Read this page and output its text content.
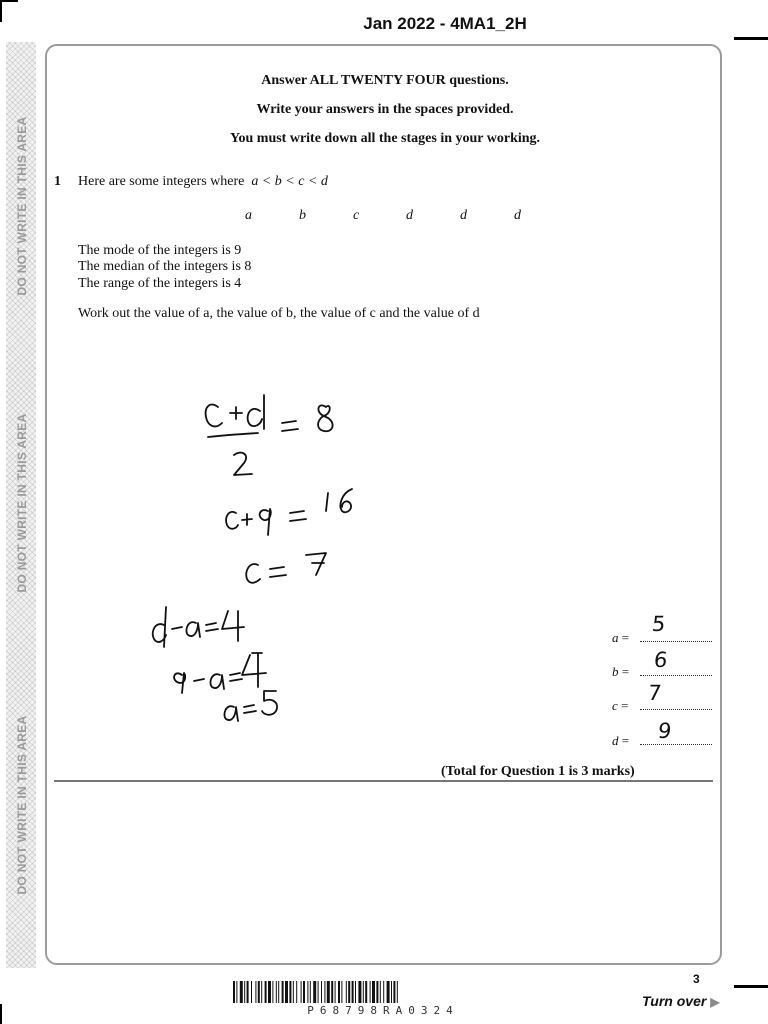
Jan 2022 - 4MA1_2H
DO NOT WRITE IN THIS AREA
DO NOT WRITE IN THIS AREA
DO NOT WRITE IN THIS AREA
Answer ALL TWENTY FOUR questions.
Write your answers in the spaces provided.
You must write down all the stages in your working.
1 Here are some integers where a < b < c < d
a	b	c	d	d	d
The mode of the integers is 9
The median of the integers is 8
The range of the integers is 4
Work out the value of a, the value of b, the value of c and the value of d
a =
5
b = 6
c =
7
d = 9
(Total for Question 1 is 3 marks)
3
Turn over ▶
P68798RA0324
